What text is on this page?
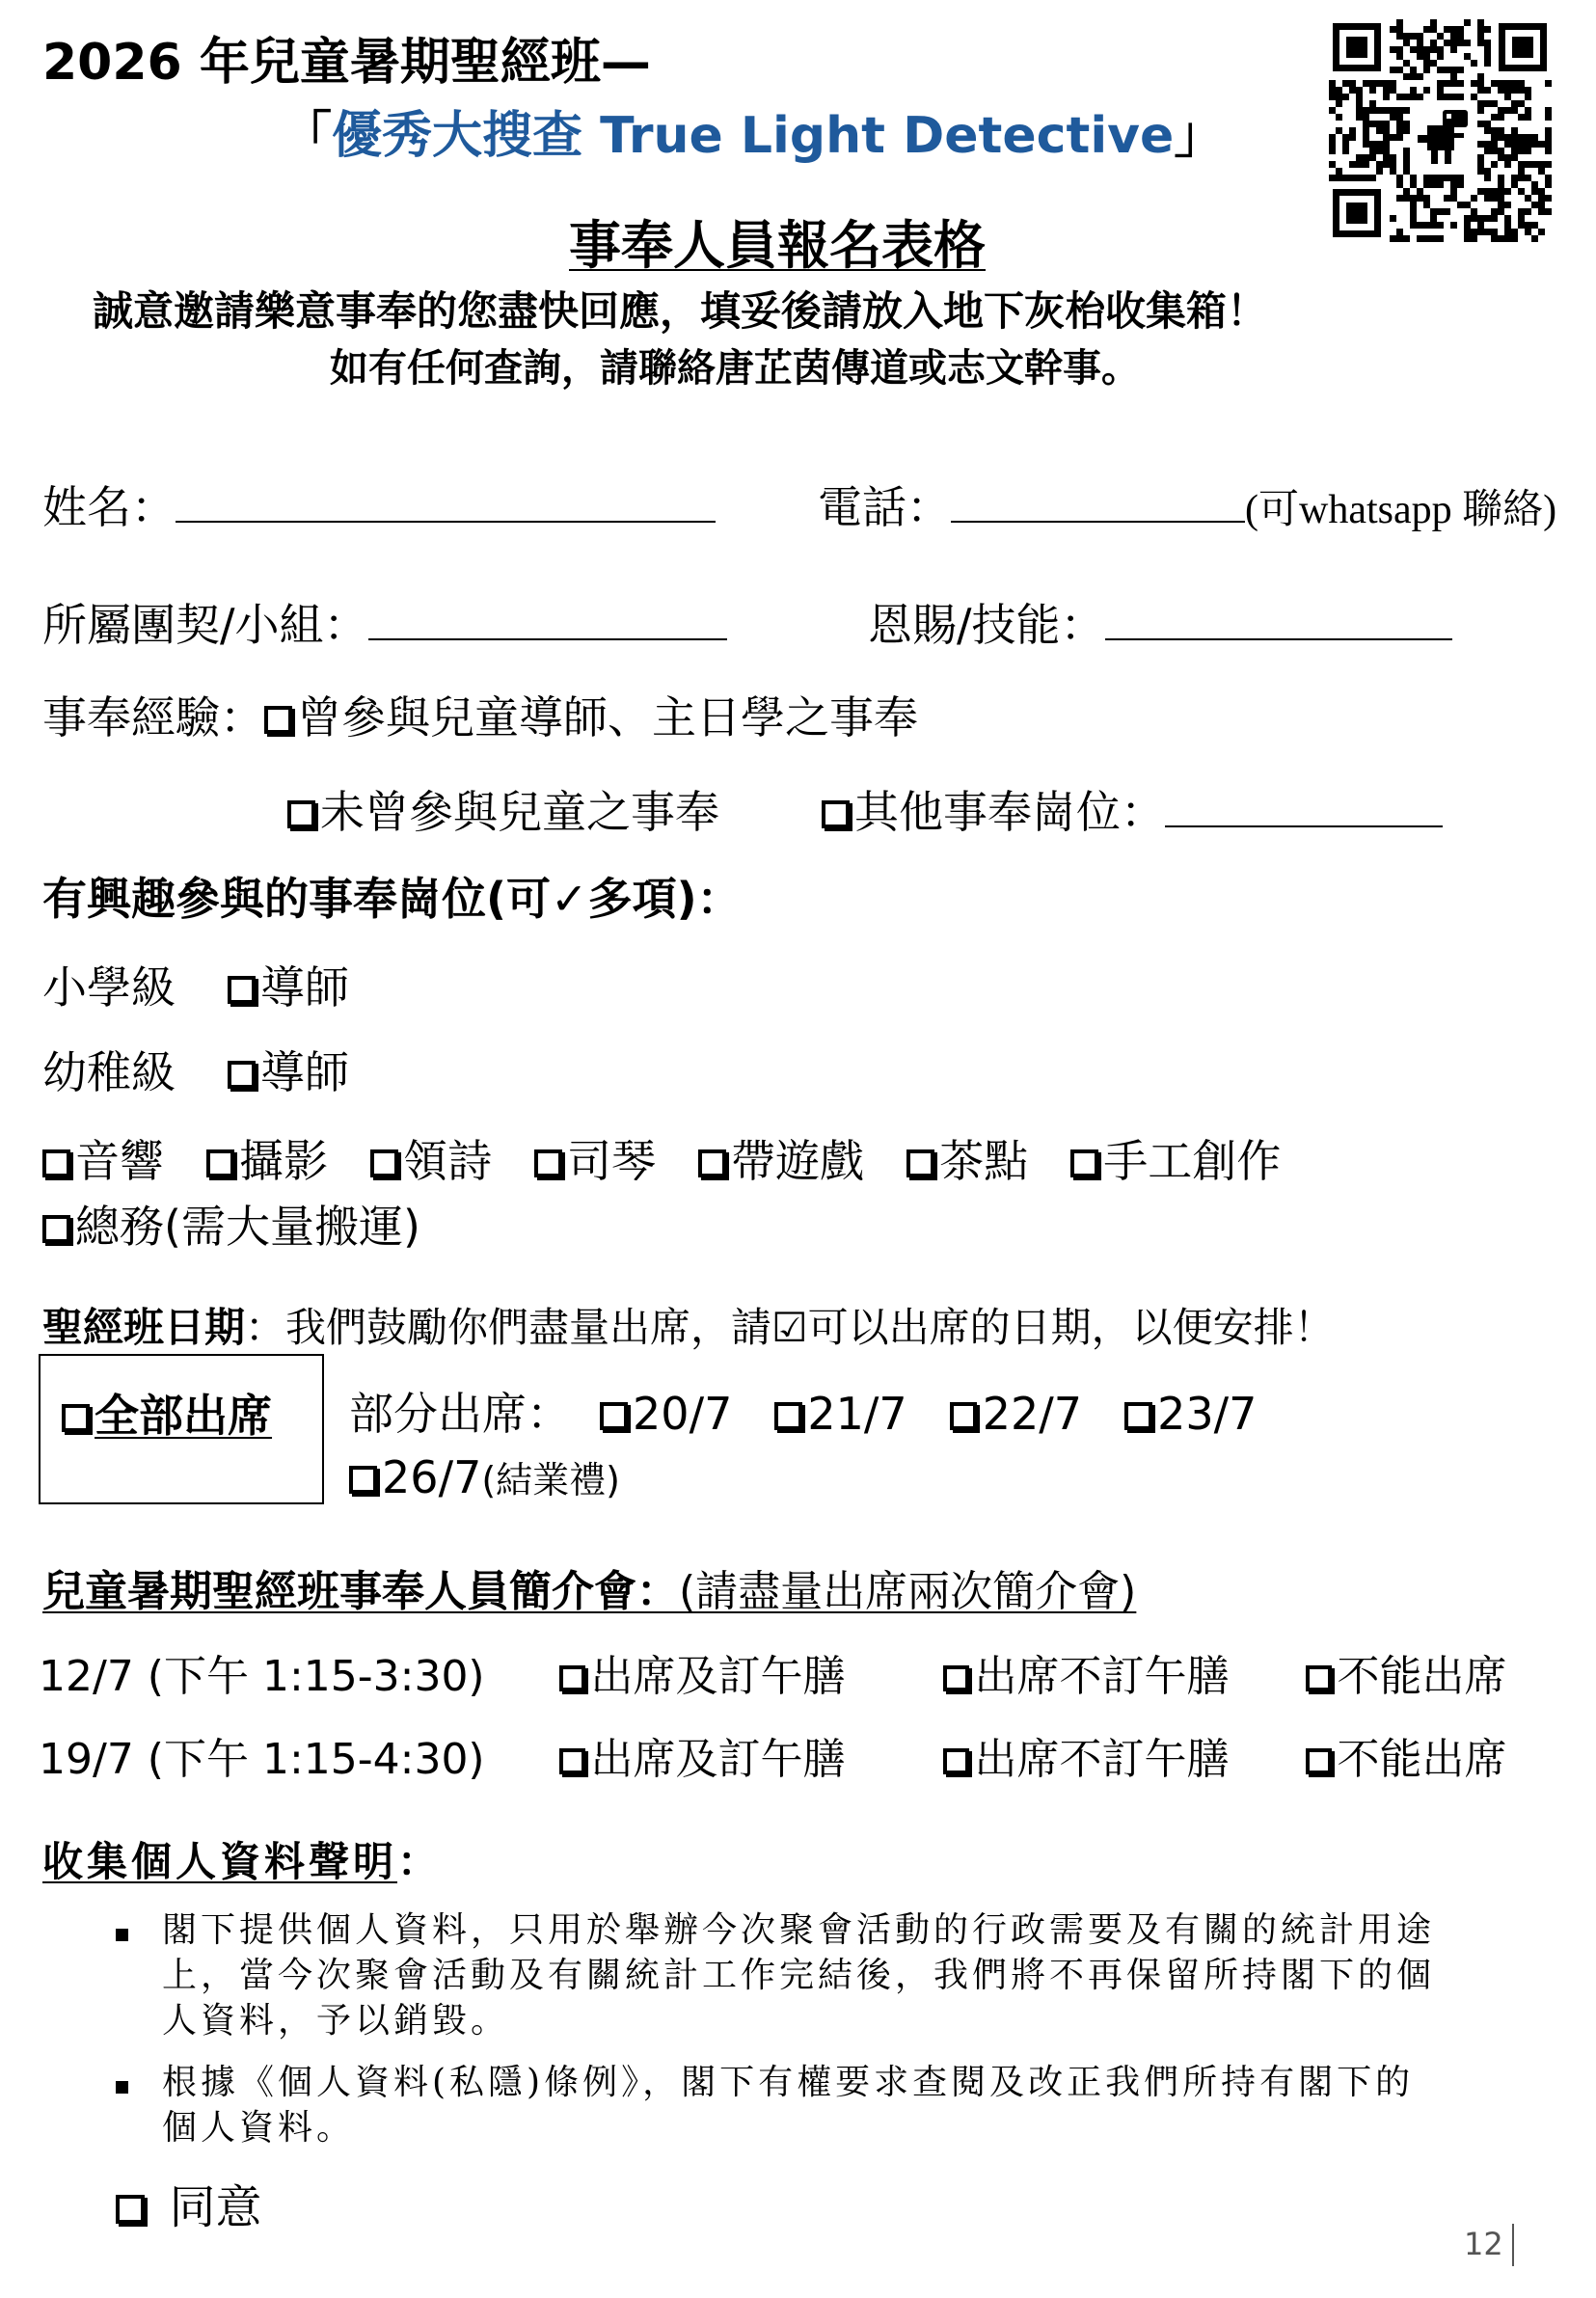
2026 年兒童暑期聖經班—
「優秀大搜查 True Light Detective」
事奉人員報名表格
誠意邀請樂意事奉的您盡快回應，填妥後請放入地下灰枱收集箱！
如有任何查詢，請聯絡唐芷茵傳道或志文幹事。
姓名：	電話：	(可whatsapp 聯絡)
所屬團契/小組：	恩賜/技能：
事奉經驗： 曾參與兒童導師、主日學之事奉
未曾參與兒童之事奉	其他事奉崗位：
有興趣參與的事奉崗位(可✓多項)：
小學級 導師
幼稚級 導師
音響 攝影 領詩 司琴 帶遊戲 茶點 手工創作
總務(需大量搬運)
聖經班日期：我們鼓勵你們盡量出席，請☑可以出席的日期，以便安排！
全部出席 部分出席： 20/7 21/7 22/7 23/7
26/7(結業禮)
兒童暑期聖經班事奉人員簡介會：(請盡量出席兩次簡介會)
12/7 (下午 1:15-3:30) 出席及訂午膳	出席不訂午膳	不能出席
19/7 (下午 1:15-4:30) 出席及訂午膳	出席不訂午膳	不能出席
收集個人資料聲明：
閣下提供個人資料，只用於舉辦今次聚會活動的行政需要及有關的統計用途
上，當今次聚會活動及有關統計工作完結後，我們將不再保留所持閣下的個
人資料，予以銷毀。
根據《個人資料(私隱)條例》，閣下有權要求查閱及改正我們所持有閣下的
個人資料。
同意
12
